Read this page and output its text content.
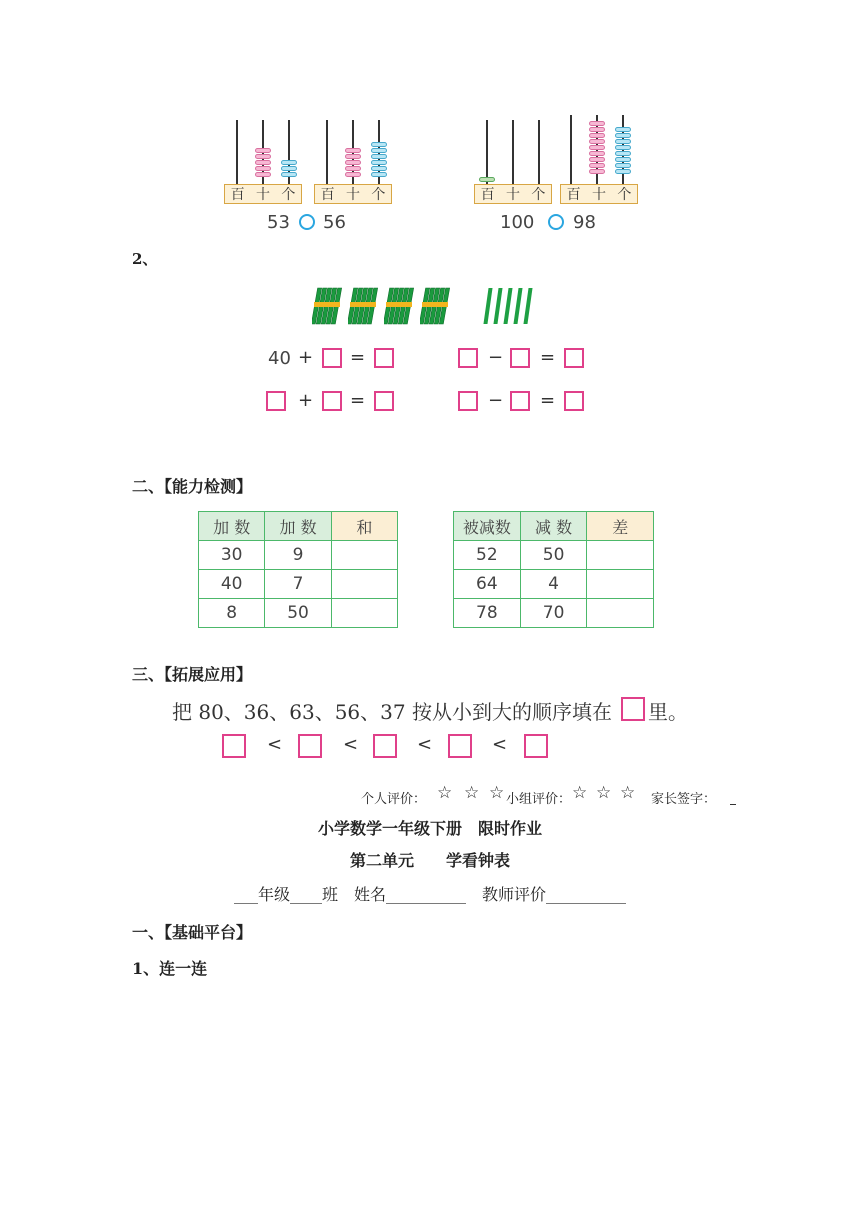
百 十 个 百 十 个
53 56
百 十 个 百 十 个
100 98
2、
40 + =	− =
+ =	− =
二、【能力检测】
加 数	加 数	和
30	9	
40	7	
8	50	
被减数	减 数	差
52	50	
64	4	
78	70	
三、【拓展应用】
把 80、36、63、56、37 按从小到大的顺序填在 里。
<	<	<	<
个人评价： ☆ ☆ ☆ 小组评价： ☆ ☆ ☆ 家长签字：
小学数学一年级下册　限时作业
第二单元　　学看钟表
___年级____班　姓名__________　教师评价__________
一、【基础平台】
1、连一连
